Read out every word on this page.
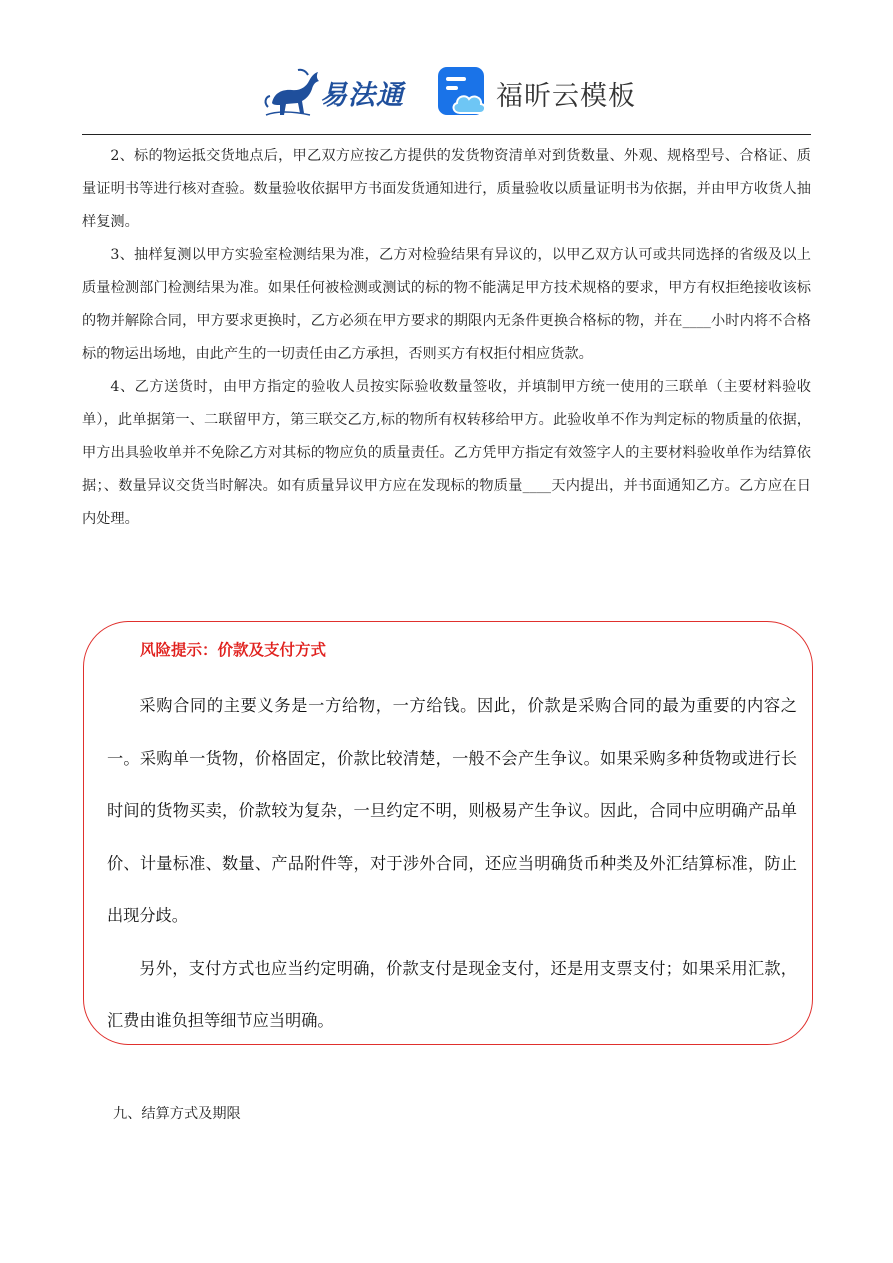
易法通	福昕云模板

2、标的物运抵交货地点后，甲乙双方应按乙方提供的发货物资清单对到货数量、外观、规格型号、合格证、质量证明书等进行核对查验。数量验收依据甲方书面发货通知进行，质量验收以质量证明书为依据，并由甲方收货人抽样复测。

3、抽样复测以甲方实验室检测结果为准，乙方对检验结果有异议的，以甲乙双方认可或共同选择的省级及以上质量检测部门检测结果为准。如果任何被检测或测试的标的物不能满足甲方技术规格的要求，甲方有权拒绝接收该标的物并解除合同，甲方要求更换时，乙方必须在甲方要求的期限内无条件更换合格标的物，并在____小时内将不合格标的物运出场地，由此产生的一切责任由乙方承担，否则买方有权拒付相应货款。

4、乙方送货时，由甲方指定的验收人员按实际验收数量签收，并填制甲方统一使用的三联单（主要材料验收单），此单据第一、二联留甲方，第三联交乙方,标的物所有权转移给甲方。此验收单不作为判定标的物质量的依据，甲方出具验收单并不免除乙方对其标的物应负的质量责任。乙方凭甲方指定有效签字人的主要材料验收单作为结算依据；、数量异议交货当时解决。如有质量异议甲方应在发现标的物质量____天内提出，并书面通知乙方。乙方应在日内处理。

风险提示：价款及支付方式

采购合同的主要义务是一方给物，一方给钱。因此，价款是采购合同的最为重要的内容之一。采购单一货物，价格固定，价款比较清楚，一般不会产生争议。如果采购多种货物或进行长时间的货物买卖，价款较为复杂，一旦约定不明，则极易产生争议。因此，合同中应明确产品单价、计量标准、数量、产品附件等，对于涉外合同，还应当明确货币种类及外汇结算标准，防止出现分歧。

另外，支付方式也应当约定明确，价款支付是现金支付，还是用支票支付；如果采用汇款，汇费由谁负担等细节应当明确。

九、结算方式及期限
